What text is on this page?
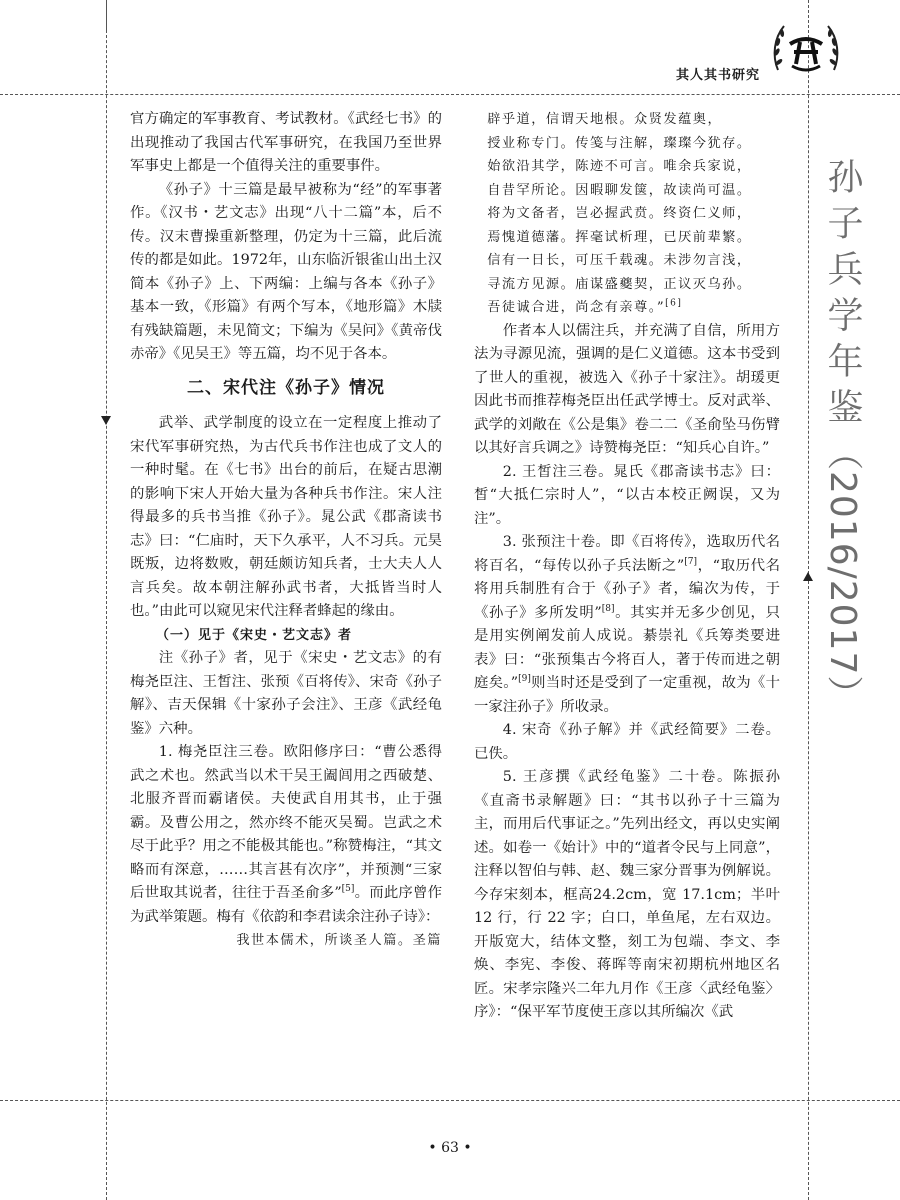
其人其书研究
孙子兵学年鉴（2016/2017）

官方确定的军事教育、考试教材。《武经七书》的出现推动了我国古代军事研究，在我国乃至世界军事史上都是一个值得关注的重要事件。

《孙子》十三篇是最早被称为“经”的军事著作。《汉书・艺文志》出现“八十二篇”本，后不传。汉末曹操重新整理，仍定为十三篇，此后流传的都是如此。1972年，山东临沂银雀山出土汉简本《孙子》上、下两编：上编与各本《孙子》基本一致，《形篇》有两个写本，《地形篇》木牍有残缺篇题，未见简文；下编为《吴问》《黄帝伐赤帝》《见吴王》等五篇，均不见于各本。

二、宋代注《孙子》情况

武举、武学制度的设立在一定程度上推动了宋代军事研究热，为古代兵书作注也成了文人的一种时髦。在《七书》出台的前后，在疑古思潮的影响下宋人开始大量为各种兵书作注。宋人注得最多的兵书当推《孙子》。晁公武《郡斋读书志》曰：“仁庙时，天下久承平，人不习兵。元昊既叛，边将数败，朝廷颇访知兵者，士大夫人人言兵矣。故本朝注解孙武书者，大抵皆当时人也。”由此可以窥见宋代注释者蜂起的缘由。

（一）见于《宋史・艺文志》者

注《孙子》者，见于《宋史・艺文志》的有梅尧臣注、王皙注、张预《百将传》、宋奇《孙子解》、吉天保辑《十家孙子会注》、王彦《武经龟鉴》六种。

1. 梅尧臣注三卷。欧阳修序曰：“曹公悉得武之术也。然武当以术干吴王阖闾用之西破楚、北服齐晋而霸诸侯。夫使武自用其书，止于强霸。及曹公用之，然亦终不能灭吴蜀。岂武之术尽于此乎？用之不能极其能也。”称赞梅注，“其文略而有深意，……其言甚有次序”，并预测“三家后世取其说者，往往于吾圣俞多”[5]。而此序曾作为武举策题。梅有《依韵和李君读余注孙子诗》：

我世本儒术，所谈圣人篇。圣篇

辟乎道，信谓天地根。众贤发蕴奥，

授业称专门。传笺与注解，璨璨今犹存。

始欲沿其学，陈迹不可言。唯余兵家说，

自昔罕所论。因暇聊发箧，故读尚可温。

将为文备者，岂必握武贲。终资仁义师，

焉愧道德藩。挥毫试析理，已厌前辈繁。

信有一日长，可压千载魂。未涉勿言浅，

寻流方见源。庙谋盛夔契，正议灭乌孙。

吾徒诚合进，尚念有亲尊。”[6]

作者本人以儒注兵，并充满了自信，所用方法为寻源见流，强调的是仁义道德。这本书受到了世人的重视，被选入《孙子十家注》。胡瑗更因此书而推荐梅尧臣出任武学博士。反对武举、武学的刘敞在《公是集》卷二二《圣俞坠马伤臂以其好言兵调之》诗赞梅尧臣：“知兵心自许。”

2. 王皙注三卷。晁氏《郡斋读书志》曰：皙“大抵仁宗时人”，“以古本校正阙误，又为注”。

3. 张预注十卷。即《百将传》，选取历代名将百名，“每传以孙子兵法断之”[7]，“取历代名将用兵制胜有合于《孙子》者，编次为传，于《孙子》多所发明”[8]。其实并无多少创见，只是用实例阐发前人成说。綦崇礼《兵筹类要进表》曰：“张预集古今将百人，著于传而进之朝庭矣。”[9]则当时还是受到了一定重视，故为《十一家注孙子》所收录。

4. 宋奇《孙子解》并《武经简要》二卷。已佚。

5. 王彦撰《武经龟鉴》二十卷。陈振孙《直斋书录解题》曰：“其书以孙子十三篇为主，而用后代事证之。”先列出经文，再以史实阐述。如卷一《始计》中的“道者令民与上同意”，注释以智伯与韩、赵、魏三家分晋事为例解说。今存宋刻本，框高24.2cm，宽 17.1cm；半叶 12 行，行 22 字；白口，单鱼尾，左右双边。开版宽大，结体文整，刻工为包端、李文、李焕、李宪、李俊、蒋晖等南宋初期杭州地区名匠。宋孝宗隆兴二年九月作《王彦〈武经龟鉴〉序》：“保平军节度使王彦以其所编次《武

• 63 •
